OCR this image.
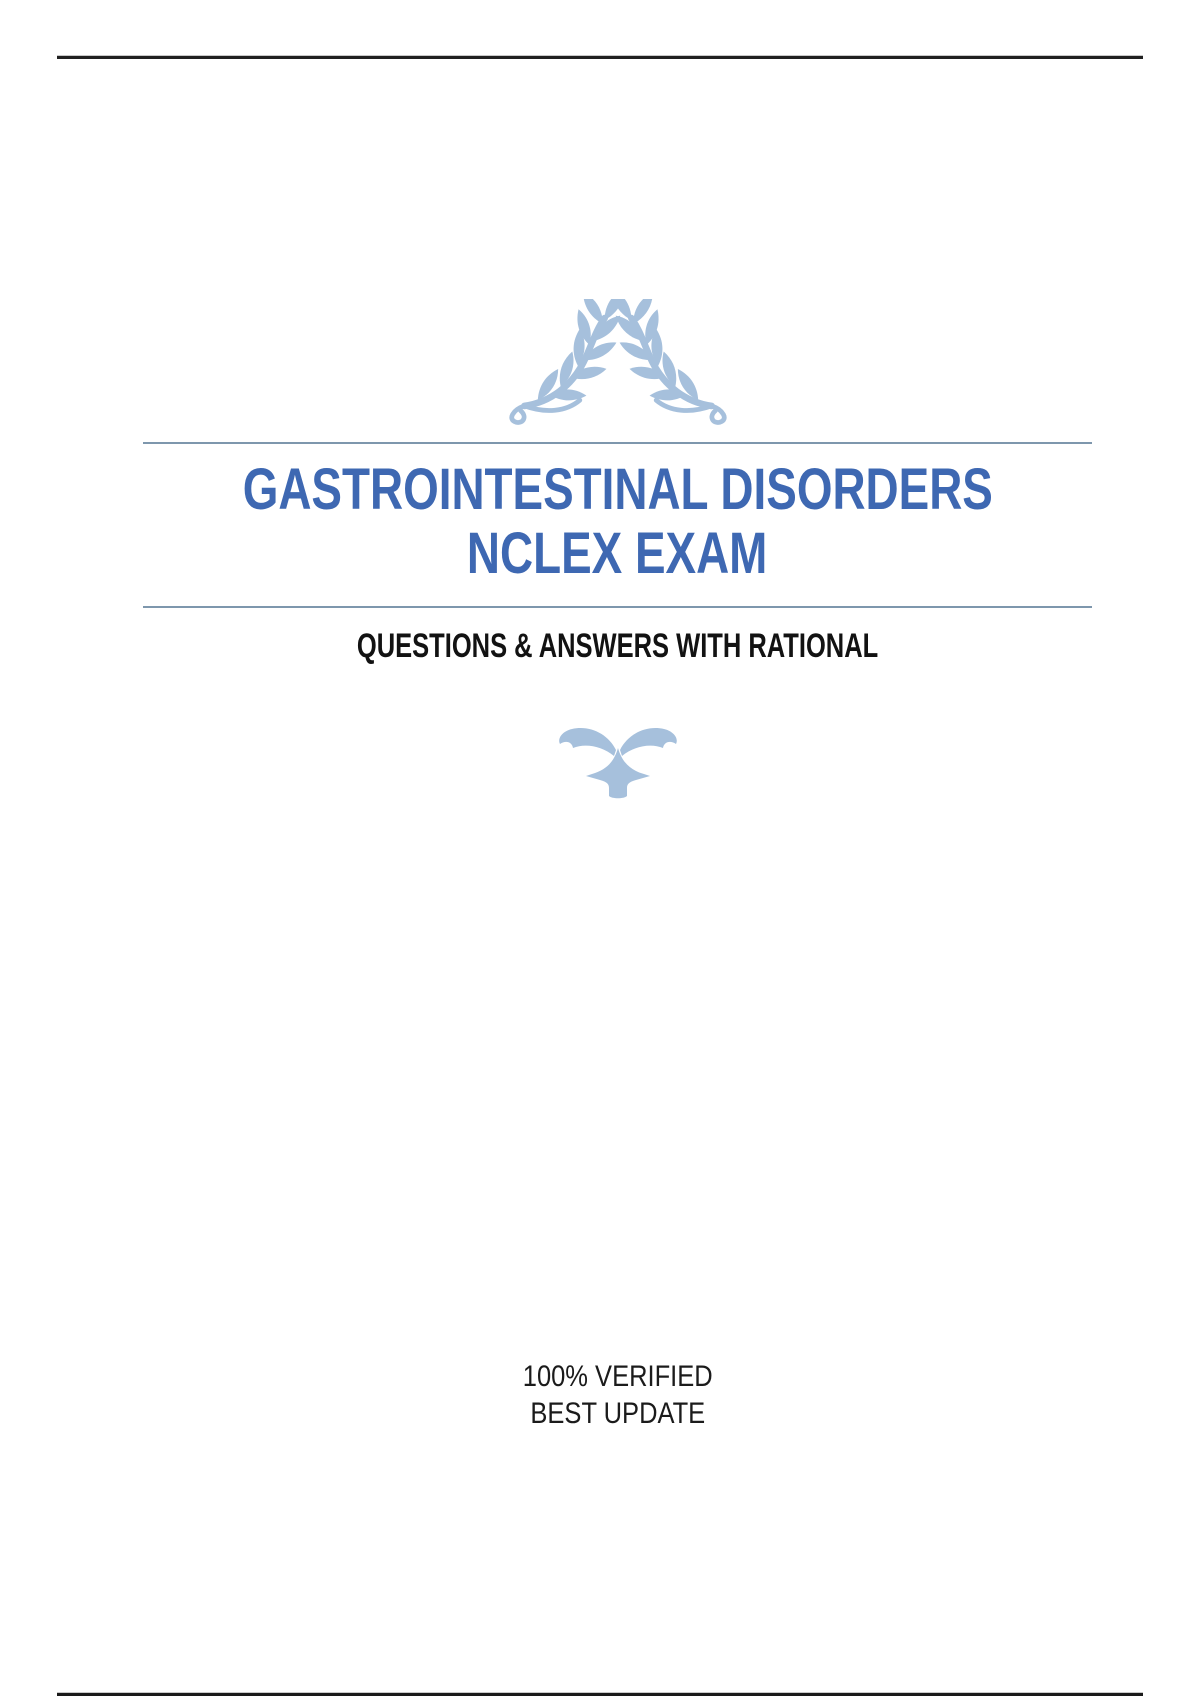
GASTROINTESTINAL DISORDERS
NCLEX EXAM
QUESTIONS & ANSWERS WITH RATIONAL
100% VERIFIED
BEST UPDATE
